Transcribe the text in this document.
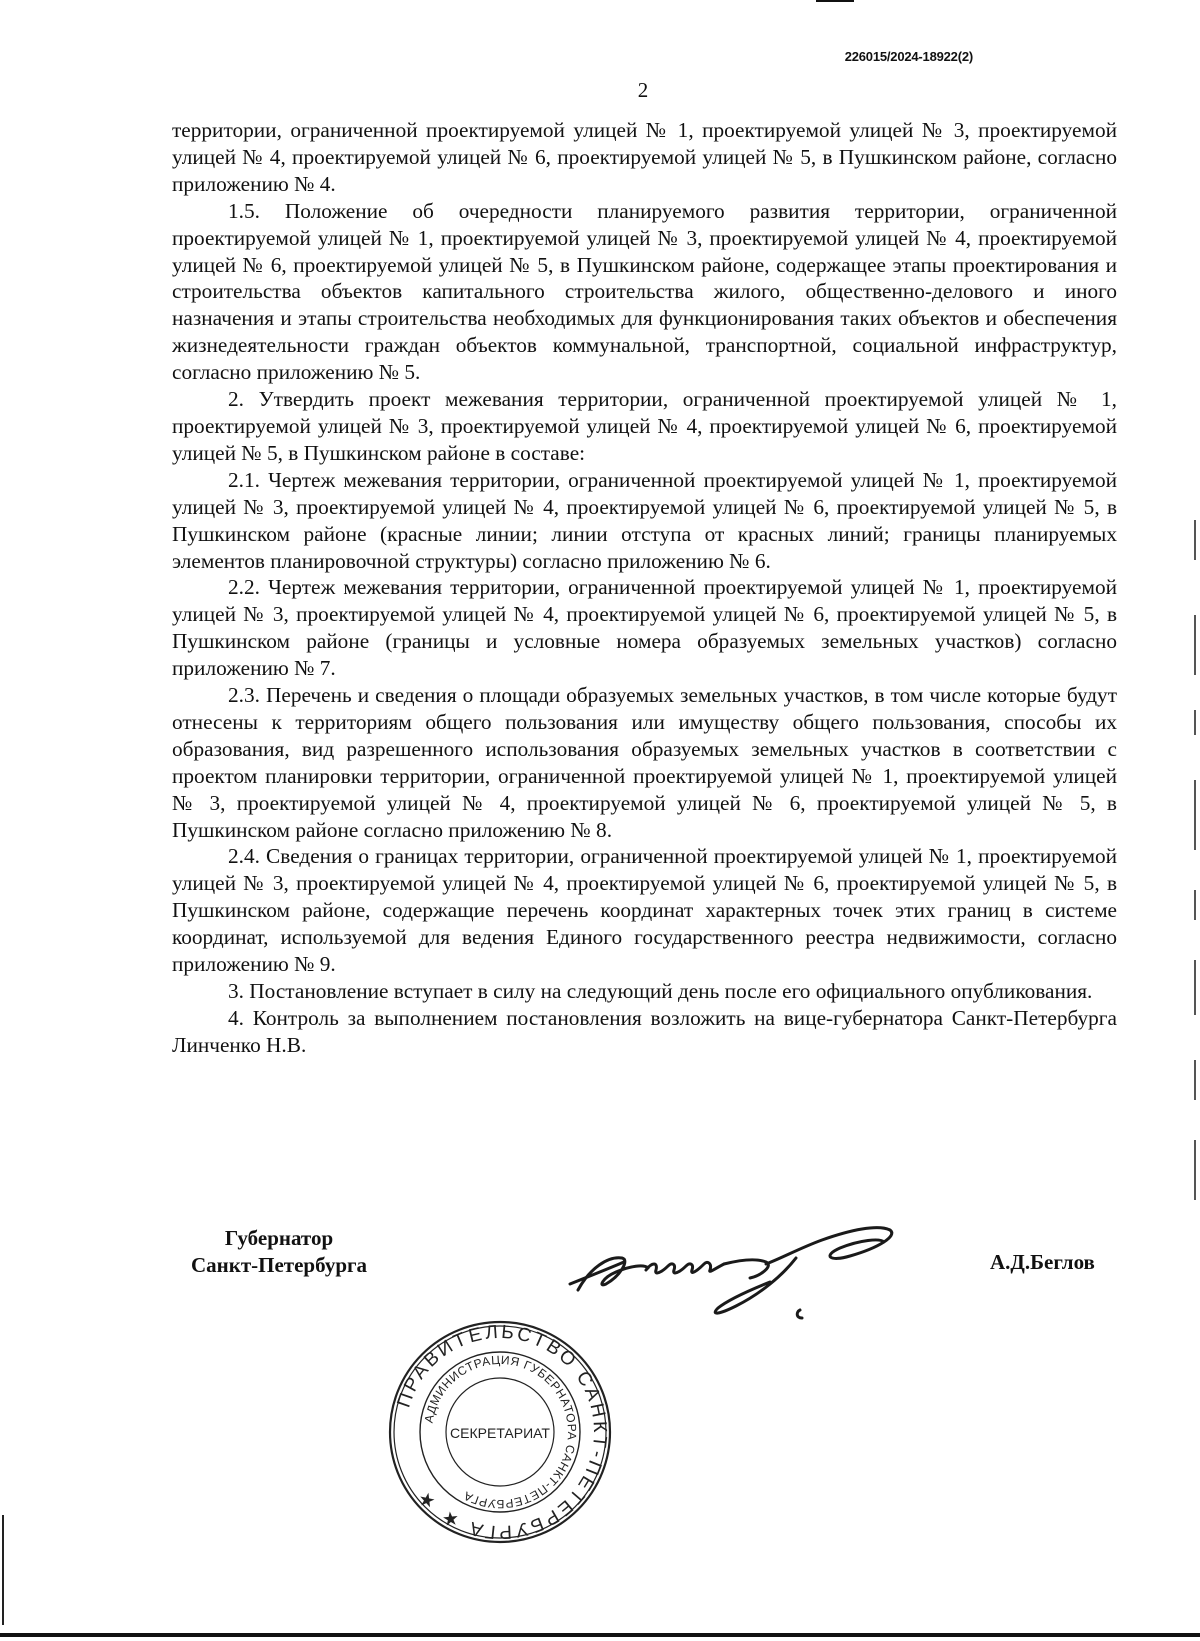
226015/2024-18922(2)
2

территории, ограниченной проектируемой улицей № 1, проектируемой улицей № 3, проектируемой улицей № 4, проектируемой улицей № 6, проектируемой улицей № 5, в Пушкинском районе, согласно приложению № 4.

1.5. Положение об очередности планируемого развития территории, ограниченной проектируемой улицей № 1, проектируемой улицей № 3, проектируемой улицей № 4, проектируемой улицей № 6, проектируемой улицей № 5, в Пушкинском районе, содержащее этапы проектирования и строительства объектов капитального строительства жилого, общественно-делового и иного назначения и этапы строительства необходимых для функционирования таких объектов и обеспечения жизнедеятельности граждан объектов коммунальной, транспортной, социальной инфраструктур, согласно приложению № 5.

2. Утвердить проект межевания территории, ограниченной проектируемой улицей № 1, проектируемой улицей № 3, проектируемой улицей № 4, проектируемой улицей № 6, проектируемой улицей № 5, в Пушкинском районе в составе:

2.1. Чертеж межевания территории, ограниченной проектируемой улицей № 1, проектируемой улицей № 3, проектируемой улицей № 4, проектируемой улицей № 6, проектируемой улицей № 5, в Пушкинском районе (красные линии; линии отступа от красных линий; границы планируемых элементов планировочной структуры) согласно приложению № 6.

2.2. Чертеж межевания территории, ограниченной проектируемой улицей № 1, проектируемой улицей № 3, проектируемой улицей № 4, проектируемой улицей № 6, проектируемой улицей № 5, в Пушкинском районе (границы и условные номера образуемых земельных участков) согласно приложению № 7.

2.3. Перечень и сведения о площади образуемых земельных участков, в том числе которые будут отнесены к территориям общего пользования или имуществу общего пользования, способы их образования, вид разрешенного использования образуемых земельных участков в соответствии с проектом планировки территории, ограниченной проектируемой улицей № 1, проектируемой улицей № 3, проектируемой улицей № 4, проектируемой улицей № 6, проектируемой улицей № 5, в Пушкинском районе согласно приложению № 8.

2.4. Сведения о границах территории, ограниченной проектируемой улицей № 1, проектируемой улицей № 3, проектируемой улицей № 4, проектируемой улицей № 6, проектируемой улицей № 5, в Пушкинском районе, содержащие перечень координат характерных точек этих границ в системе координат, используемой для ведения Единого государственного реестра недвижимости, согласно приложению № 9.

3. Постановление вступает в силу на следующий день после его официального опубликования.

4. Контроль за выполнением постановления возложить на вице-губернатора Санкт-Петербурга Линченко Н.В.

Губернатор
Санкт-Петербурга	А.Д.Беглов
ПРАВИТЕЛЬСТВО САНКТ-ПЕТЕРБУРГА ★ ★
АДМИНИСТРАЦИЯ ГУБЕРНАТОРА САНКТ-ПЕТЕРБУРГА
СЕКРЕТАРИАТ
